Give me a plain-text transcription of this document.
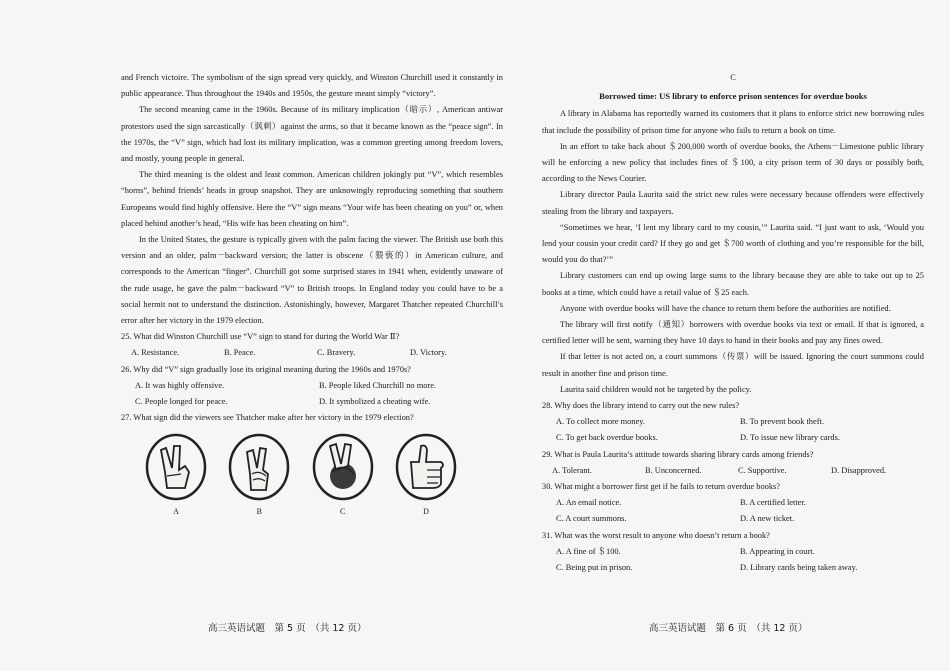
and French victoire. The symbolism of the sign spread very quickly, and Winston Churchill used it constantly in public appearance. Thus throughout the 1940s and 1950s, the gesture meant simply “victory”.

The second meaning came in the 1960s. Because of its military implication（暗示）, American antiwar protestors used the sign sarcastically（讽刺）against the arms, so that it became known as the “peace sign”. In the 1970s, the “V” sign, which had lost its military implication, was a common greeting among freedom lovers, and mostly, young people in general.

The third meaning is the oldest and least common. American children jokingly put “V”, which resembles “horns”, behind friends’ heads in group snapshot. They are unknowingly reproducing something that southern Europeans would find highly offensive. Here the “V” sign means “Your wife has been cheating on you” or, when placed behind another’s head, “His wife has been cheating on him”.

In the United States, the gesture is typically given with the palm facing the viewer. The British use both this version and an older, palm－backward version; the latter is obscene（猥亵的）in American culture, and corresponds to the American “finger”. Churchill got some surprised stares in 1941 when, evidently unaware of the rude usage, he gave the palm－backward “V” to British troops. In England today you could have to be a social hermit not to understand the distinction. Astonishingly, however, Margaret Thatcher repeated Churchill’s error after her victory in the 1979 election.

25. What did Winston Churchill use “V” sign to stand for during the World War Ⅱ?

A. Resistance.	B. Peace.	C. Bravery.	D. Victory.

26. Why did “V” sign gradually lose its original meaning during the 1960s and 1970s?

A. It was highly offensive.	B. People liked Churchill no more.
C. People longed for peace.	D. It symbolized a cheating wife.

27. What sign did the viewers see Thatcher make after her victory in the 1979 election?

A	B	C	D
高三英语试题　第 5 页　（共 12 页）
C
Borrowed time: US library to enforce prison sentences for overdue books

A library in Alabama has reportedly warned its customers that it plans to enforce strict new borrowing rules that include the possibility of prison time for anyone who fails to return a book on time.

In an effort to take back about ＄200,000 worth of overdue books, the Athens－Limestone public library will be enforcing a new policy that includes fines of ＄100, a city prison term of 30 days or possibly both, according to the News Courier.

Library director Paula Laurita said the strict new rules were necessary because offenders were effectively stealing from the library and taxpayers.

“Sometimes we hear, ‘I lent my library card to my cousin,’” Laurita said. “I just want to ask, ‘Would you lend your cousin your credit card? If they go and get ＄700 worth of clothing and you’re responsible for the bill, would you do that?’”

Library customers can end up owing large sums to the library because they are able to take out up to 25 books at a time, which could have a retail value of ＄25 each.

Anyone with overdue books will have the chance to return them before the authorities are notified.

The library will first notify（通知）borrowers with overdue books via text or email. If that is ignored, a certified letter will be sent, warning they have 10 days to hand in their books and pay any fines owed.

If that letter is not acted on, a court summons（传票）will be issued. Ignoring the court summons could result in another fine and prison time.

Laurita said children would not be targeted by the policy.

28. Why does the library intend to carry out the new rules?

A. To collect more money.	B. To prevent book theft.
C. To get back overdue books.	D. To issue new library cards.

29. What is Paula Laurita’s attitude towards sharing library cards among friends?

A. Tolerant.	B. Unconcerned.	C. Supportive.	D. Disapproved.

30. What might a borrower first get if he fails to return overdue books?

A. An email notice.	B. A certified letter.
C. A court summons.	D. A new ticket.

31. What was the worst result to anyone who doesn’t return a book?

A. A fine of ＄100.	B. Appearing in court.
C. Being put in prison.	D. Library cards being taken away.
高三英语试题　第 6 页　（共 12 页）
